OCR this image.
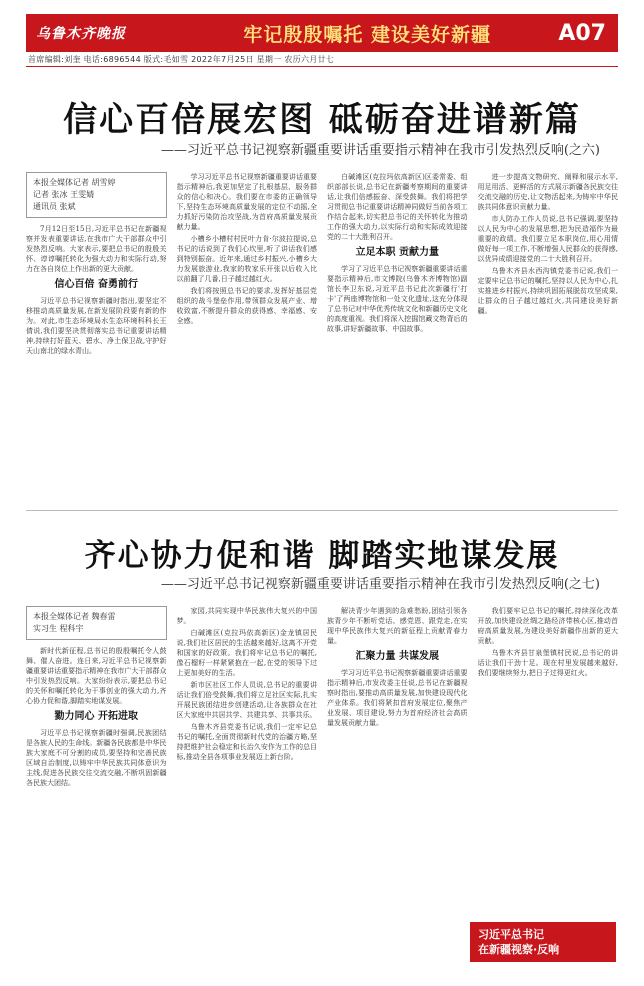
乌鲁木齐晚报	牢记殷殷嘱托 建设美好新疆	A07
首席编辑:刘奎 电话:6896544 版式:毛如雪 2022年7月25日 星期一 农历六月廿七
信心百倍展宏图 砥砺奋进谱新篇
——习近平总书记视察新疆重要讲话重要指示精神在我市引发热烈反响(之六)
本报全媒体记者 胡雪婷
记者 张冰 王雯婧
通讯员 张斌

7月12日至15日,习近平总书记在新疆视察并发表重要讲话,在我市广大干部群众中引发热烈反响。大家表示,要把总书记的殷殷关怀、谆谆嘱托转化为强大动力和实际行动,努力在各自岗位上作出新的更大贡献。

信心百倍 奋勇前行

习近平总书记视察新疆时指出,要坚定不移推动高质量发展,在新发展阶段要有新的作为。对此,市生态环境局水生态环境科科长王倩说,我们要坚决贯彻落实总书记重要讲话精神,持续打好蓝天、碧水、净土保卫战,守护好天山南北的绿水青山。

学习习近平总书记视察新疆重要讲话重要指示精神后,我更加坚定了扎根基层、服务群众的信心和决心。我们要在市委的正确领导下,坚持生态环境高质量发展的定位不动摇,全力抓好污染防治攻坚战,为首府高质量发展贡献力量。

小槽乡小槽村村民叶力肯·尔波拉提说,总书记的话说到了我们心坎里,听了讲话我们感到特别振奋。近年来,通过乡村振兴,小槽乡大力发展旅游业,我家的牧家乐开张以后收入比以前翻了几番,日子越过越红火。

我们将按照总书记的要求,发挥好基层党组织的战斗堡垒作用,带领群众发展产业、增收致富,不断提升群众的获得感、幸福感、安全感。

白碱滩区(克拉玛依高新区)区委常委、组织部部长说,总书记在新疆考察期间的重要讲话,让我们倍感振奋、深受鼓舞。我们将把学习贯彻总书记重要讲话精神同做好当前各项工作结合起来,切实把总书记的关怀转化为推动工作的强大动力,以实际行动和实际成效迎接党的二十大胜利召开。

立足本职 贡献力量

学习了习近平总书记视察新疆重要讲话重要指示精神后,市文博院(乌鲁木齐博物馆)副馆长李卫东说,习近平总书记此次新疆行'打卡'了两座博物馆和一处文化遗址,这充分体现了总书记对中华优秀传统文化和新疆历史文化的高度重视。我们将深入挖掘馆藏文物背后的故事,讲好新疆故事、中国故事。

进一步提高文物研究、阐释和展示水平,用足用活、更鲜活的方式展示新疆各民族交往交流交融的历史,让文物活起来,为铸牢中华民族共同体意识贡献力量。

市人防办工作人员说,总书记强调,要坚持以人民为中心的发展思想,把为民造福作为最重要的政绩。我们要立足本职岗位,用心用情做好每一项工作,不断增强人民群众的获得感,以优异成绩迎接党的二十大胜利召开。

乌鲁木齐县水西沟镇党委书记说,我们一定要牢记总书记的嘱托,坚持以人民为中心,扎实推进乡村振兴,持续巩固拓展脱贫攻坚成果,让群众的日子越过越红火,共同建设美好新疆。

齐心协力促和谐 脚踏实地谋发展
——习近平总书记视察新疆重要讲话重要指示精神在我市引发热烈反响(之七)
本报全媒体记者 魏春雷
实习生 程科宇

新时代新征程,总书记的殷殷嘱托令人鼓舞、催人奋进。连日来,习近平总书记视察新疆重要讲话重要指示精神在我市广大干部群众中引发热烈反响。大家纷纷表示,要把总书记的关怀和嘱托转化为干事创业的强大动力,齐心协力促和谐,脚踏实地谋发展。

勠力同心 开拓进取

习近平总书记视察新疆时强调,民族团结是各族人民的生命线。新疆各民族都是中华民族大家庭不可分割的成员,要坚持和完善民族区域自治制度,以铸牢中华民族共同体意识为主线,促进各民族交往交流交融,不断巩固新疆各民族大团结。

家园,共同实现中华民族伟大复兴的中国梦。

白碱滩区(克拉玛依高新区)金龙镇居民说,我们社区居民的生活越来越好,这离不开党和国家的好政策。我们将牢记总书记的嘱托,像石榴籽一样紧紧抱在一起,在党的领导下过上更加美好的生活。

新市区社区工作人员说,总书记的重要讲话让我们倍受鼓舞,我们将立足社区实际,扎实开展民族团结进步创建活动,让各族群众在社区大家庭中共居共学、共建共享、共事共乐。

乌鲁木齐县党委书记说,我们一定牢记总书记的嘱托,全面贯彻新时代党的治疆方略,坚持把维护社会稳定和长治久安作为工作的总目标,推动全县各项事业发展迈上新台阶。

解决青少年遇到的急难愁盼,团结引领各族青少年不断听党话、感党恩、跟党走,在实现中华民族伟大复兴的新征程上贡献青春力量。

汇聚力量 共谋发展

学习习近平总书记视察新疆重要讲话重要指示精神后,市发改委主任说,总书记在新疆视察时指出,要推动高质量发展,加快建设现代化产业体系。我们将紧扣首府发展定位,聚焦产业发展、项目建设,努力为首府经济社会高质量发展贡献力量。

我们要牢记总书记的嘱托,持续深化改革开放,加快建设丝绸之路经济带核心区,推动首府高质量发展,为建设美好新疆作出新的更大贡献。

乌鲁木齐县甘泉堡镇村民说,总书记的讲话让我们干劲十足。现在村里发展越来越好,我们要继续努力,把日子过得更红火。

习近平总书记
在新疆视察·反响
